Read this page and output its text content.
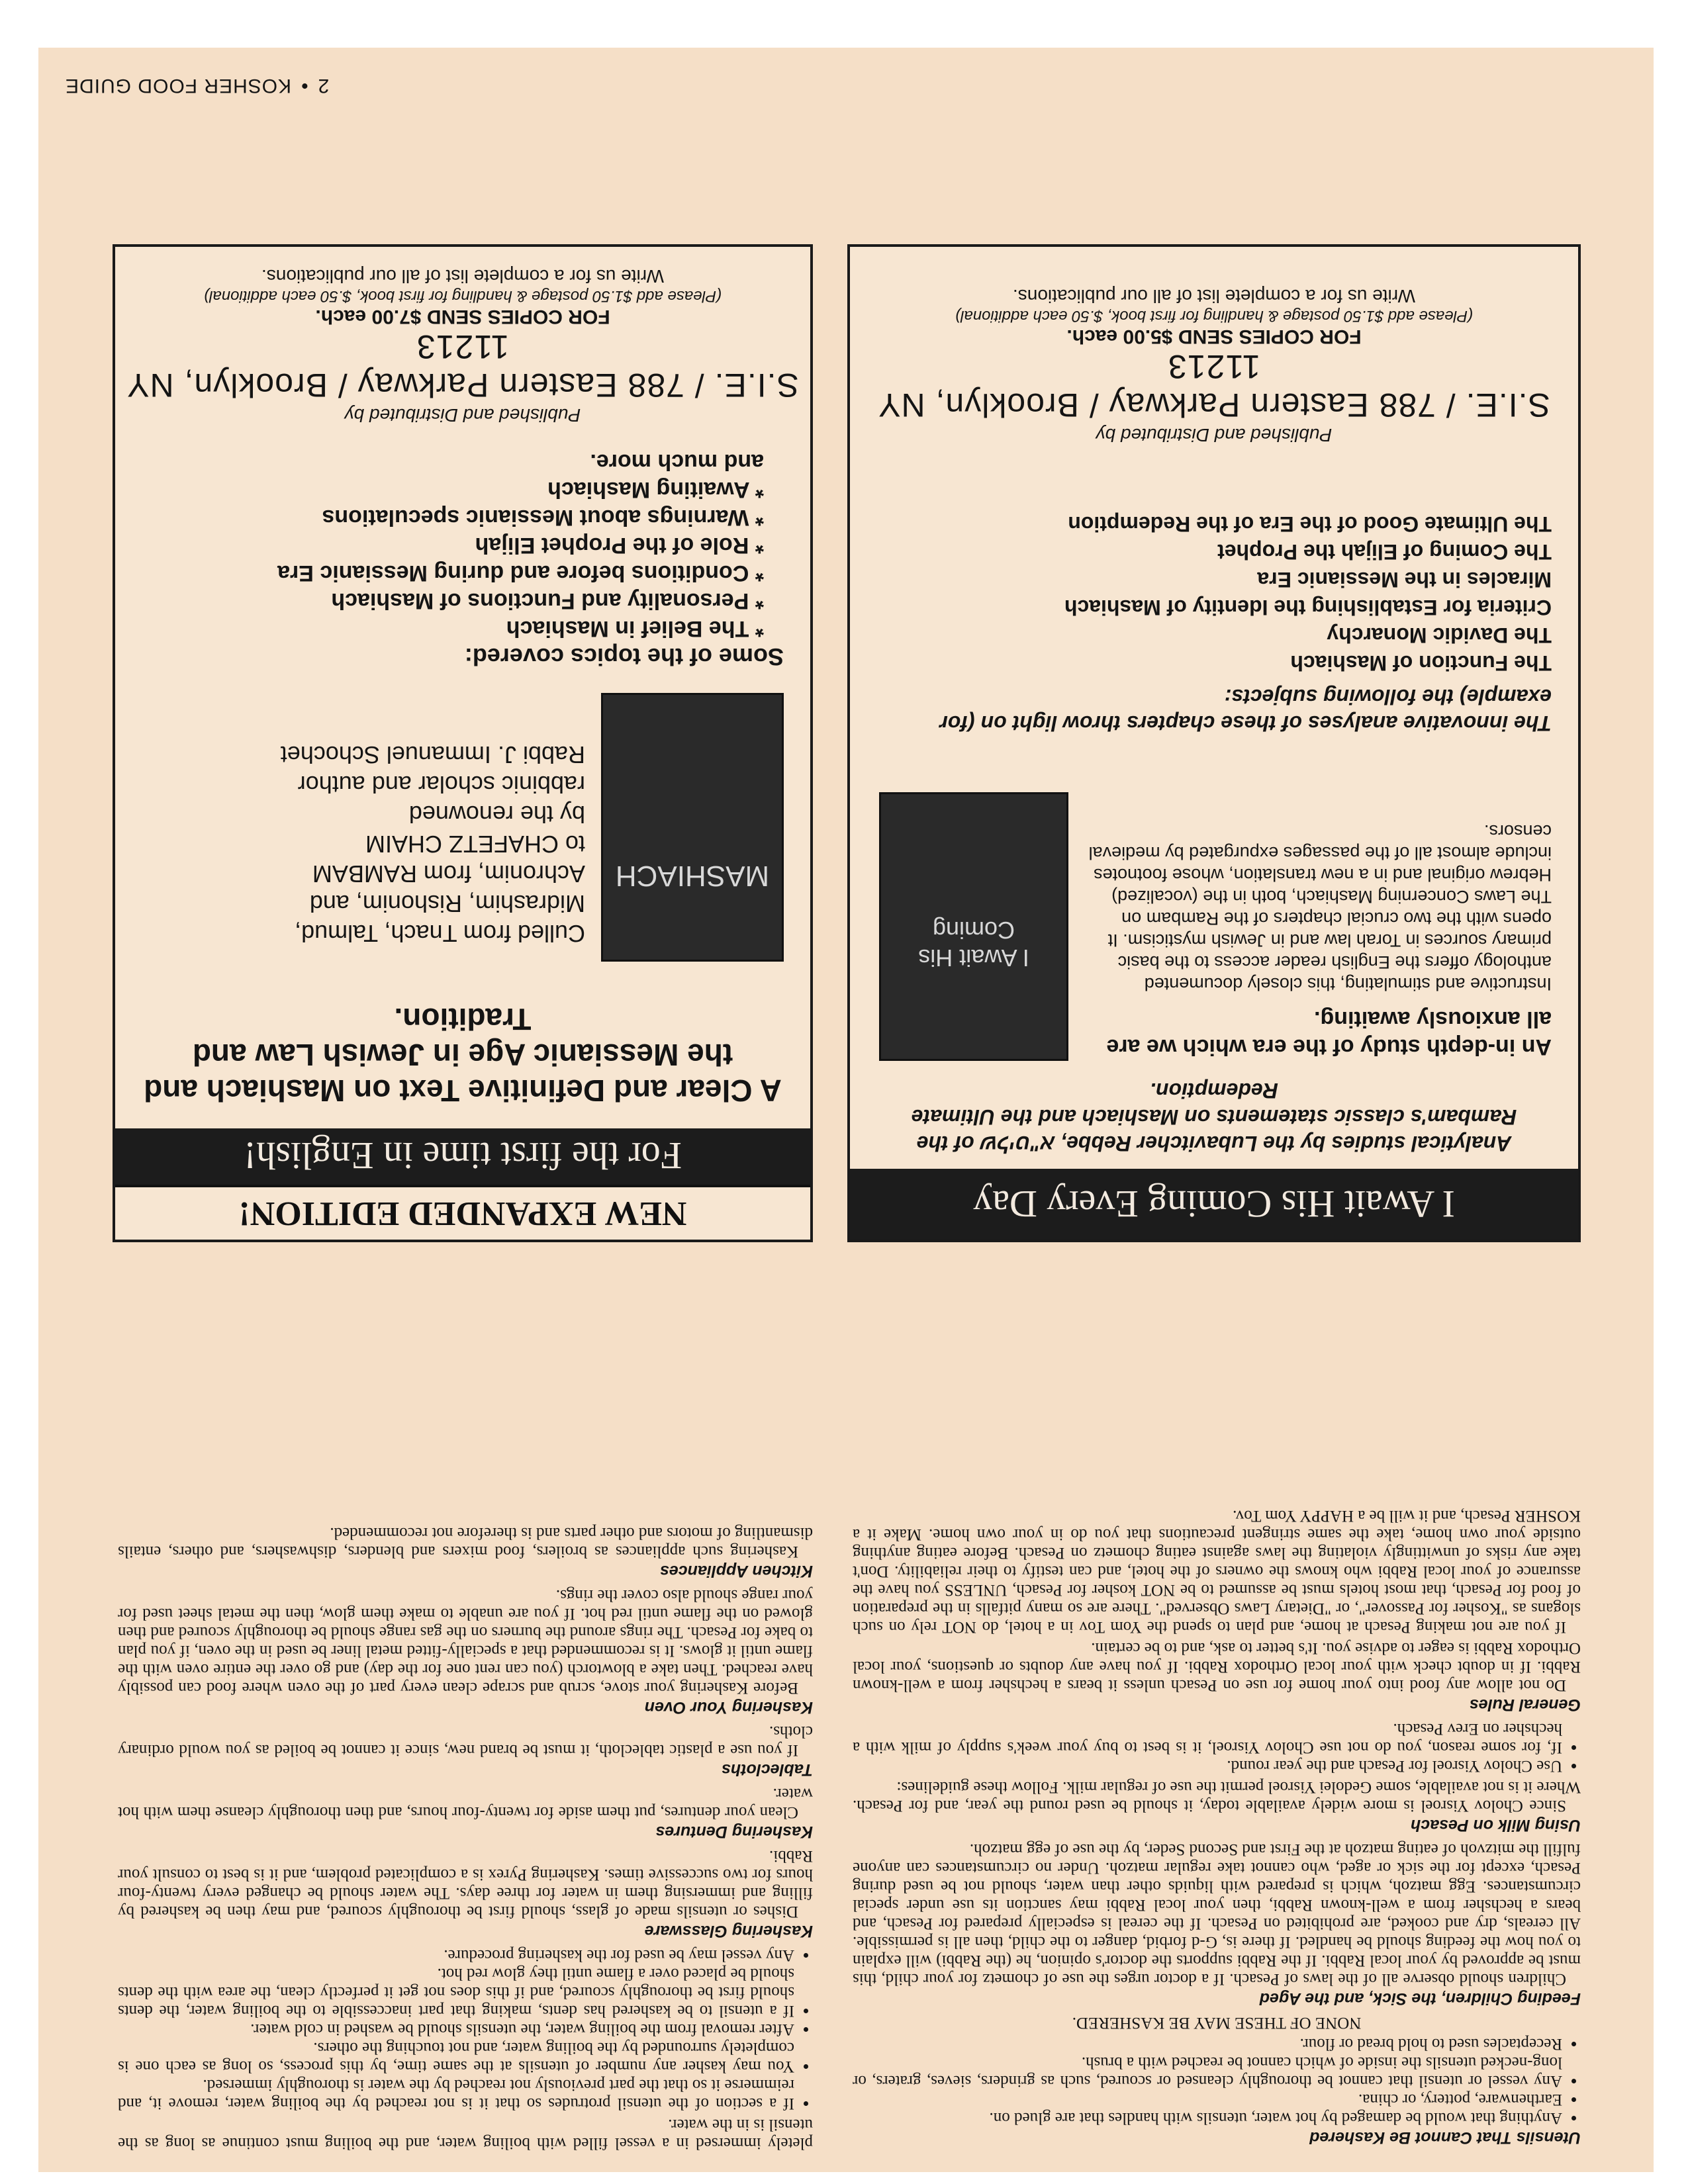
2•KOSHER FOOD GUIDE
NEW EXPANDED EDITION!
For the first time in English!
A Clear and Definitive Text on Mashiach and the Messianic Age in Jewish Law and Tradition.
MASHIACH
Culled from Tnach, Talmud,
Midrashim, Rishonim, and
Achronim, from RAMBAM
to CHAFETZ CHAIM
by the renowned
rabbinic scholar and author
Rabbi J. Immanuel Schochet
Some of the topics covered:
* The Belief in Mashiach
* Personality and Functions of Mashiach
* Conditions before and during Messianic Era
* Role of the Prophet Elijah
* Warnings about Messianic speculations
* Awaiting Mashiach
and much more.
Published and Distributed by
S.I.E. / 788 Eastern Parkway / Brooklyn, NY 11213
FOR COPIES SEND $7.00 each.
(Please add $1.50 postage & handling for first book, $.50 each additional)
Write us for a complete list of all our publications.
I Await His Coming Every Day
Analytical studies by the Lubavitcher Rebbe, שליט"א of the Rambam's classic statements on Mashiach and the Ultimate Redemption.
I Await His Coming
An in-depth study of the era which we are all anxiously awaiting.
Instructive and stimulating, this closely documented anthology offers the English reader access to the basic primary sources in Torah law and in Jewish mysticism. It opens with the two crucial chapters of the Rambam on The Laws Concerning Mashiach, both in the (vocalized) Hebrew original and in a new translation, whose footnotes include almost all of the passages expurgated by medieval censors.
The innovative analyses of these chapters throw light on (for example) the following subjects:
The Function of Mashiach
The Davidic Monarchy
Criteria for Establishing the Identity of Mashiach
Miracles in the Messianic Era
The Coming of Elijah the Prophet
The Ultimate Good of the Era of the Redemption
Published and Distributed by
S.I.E. / 788 Eastern Parkway / Brooklyn, NY 11213
FOR COPIES SEND $5.00 each.
(Please add $1.50 postage & handling for first book, $.50 each additional)
Write us for a complete list of all our publications.

pletely immersed in a vessel filled with boiling water, and the boiling must continue as long as the utensil is in the water.

• If a section of the utensil protrudes so that it is not reached by the boiling water, remove it, and reimmerse it so that the part previously not reached by the water is thoroughly immersed.
• You may kasher any number of utensils at the same time, by this process, so long as each one is completely surrounded by the boiling water, and not touching the others.
• After removal from the boiling water, the utensils should be washed in cold water.
• If a utensil to be kashered has dents, making that part inaccessible to the boiling water, the dents should first be thoroughly scoured, and if this does not get it perfectly clean, the area with the dents should be placed over a flame until they glow red hot.
• Any vessel may be used for the kashering procedure.
Kashering Glassware

Dishes or utensils made of glass, should first be thoroughly scoured, and may then be kashered by filling and immersing them in water for three days. The water should be changed every twenty-four hours for two successive times. Kashering Pyrex is a complicated problem, and it is best to consult your Rabbi.

Kashering Dentures

Clean your dentures, put them aside for twenty-four hours, and then thoroughly cleanse them with hot water.

Tablecloths

If you use a plastic tablecloth, it must be brand new, since it cannot be boiled as you would ordinary cloths.

Kashering Your Oven

Before Kashering your stove, scrub and scrape clean every part of the oven where food can possibly have reached. Then take a blowtorch (you can rent one for the day) and go over the entire oven with the flame until it glows. It is recommended that a specially-fitted metal liner be used in the oven, if you plan to bake for Pesach. The rings around the burners on the gas range should be thoroughly scoured and then glowed on the flame until red hot. If you are unable to make them glow, then the metal sheet used for your range should also cover the rings.

Kitchen Appliances

Kashering such appliances as broilers, food mixers and blenders, dishwashers, and others, entails dismantling of motors and other parts and is therefore not recommended.

Utensils That Cannot Be Kashered
• Anything that would be damaged by hot water, utensils with handles that are glued on.
• Earthenware, pottery, or china.
• Any vessel or utensil that cannot be thoroughly cleansed or scoured, such as grinders, sieves, graters, or long-necked utensils the inside of which cannot be reached with a brush.
• Receptacles used to hold bread or flour.
NONE OF THESE MAY BE KASHERED.
Feeding Children, the Sick, and the Aged

Children should observe all of the laws of Pesach. If a doctor urges the use of chometz for your child, this must be approved by your local Rabbi. If the Rabbi supports the doctor's opinion, he (the Rabbi) will explain to you how the feeding should be handled. If there is, G-d forbid, danger to the child, then all is permissible. All cereals, dry and cooked, are prohibited on Pesach. If the cereal is especially prepared for Pesach, and bears a hechsher from a well-known Rabbi, then your local Rabbi may sanction its use under special circumstances. Egg matzoh, which is prepared with liquids other than water, should not be used during Pesach, except for the sick or aged, who cannot take regular matzoh. Under no circumstances can anyone fulfill the mitzvoh of eating matzoh at the First and Second Seder, by the use of egg matzoh.

Using Milk on Pesach

Since Cholov Yisroel is more widely available today, it should be used round the year, and for Pesach. Where it is not available, some Gedolei Yisroel permit the use of regular milk. Follow these guidelines:

• Use Cholov Yisroel for Pesach and the year round.
• If, for some reason, you do not use Cholov Yisroel, it is best to buy your week's supply of milk with a hechsher on Erev Pesach.
General Rules

Do not allow any food into your home for use on Pesach unless it bears a hechsher from a well-known Rabbi. If in doubt check with your local Orthodox Rabbi. If you have any doubts or questions, your local Orthodox Rabbi is eager to advise you. It's better to ask, and to be certain.

If you are not making Pesach at home, and plan to spend the Yom Tov in a hotel, do NOT rely on such slogans as "Kosher for Passover", or "Dietary Laws Observed". There are so many pitfalls in the preparation of food for Pesach, that most hotels must be assumed to be NOT kosher for Pesach, UNLESS you have the assurance of your local Rabbi who knows the owners of the hotel, and can testify to their reliability. Don't take any risks of unwittingly violating the laws against eating chometz on Pesach. Before eating anything outside your own home, take the same stringent precautions that you do in your own home. Make it a KOSHER Pesach, and it will be a HAPPY Yom Tov.
